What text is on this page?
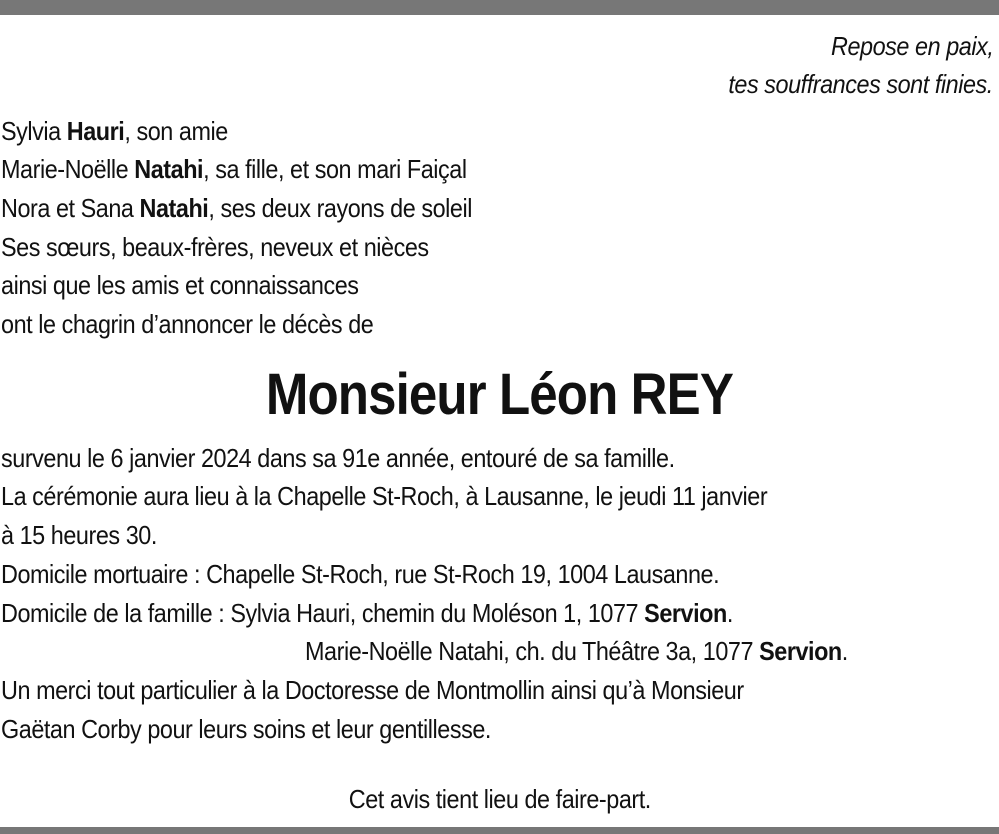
Repose en paix,
tes souffrances sont finies.
Sylvia Hauri, son amie
Marie-Noëlle Natahi, sa fille, et son mari Faiçal
Nora et Sana Natahi, ses deux rayons de soleil
Ses sœurs, beaux-frères, neveux et nièces
ainsi que les amis et connaissances
ont le chagrin d’annoncer le décès de
Monsieur Léon REY
survenu le 6 janvier 2024 dans sa 91e année, entouré de sa famille.
La cérémonie aura lieu à la Chapelle St-Roch, à Lausanne, le jeudi 11 janvier
à 15 heures 30.
Domicile mortuaire : Chapelle St-Roch, rue St-Roch 19, 1004 Lausanne.
Domicile de la famille : Sylvia Hauri, chemin du Moléson 1, 1077 Servion.
Marie-Noëlle Natahi, ch. du Théâtre 3a, 1077 Servion.
Un merci tout particulier à la Doctoresse de Montmollin ainsi qu’à Monsieur
Gaëtan Corby pour leurs soins et leur gentillesse.
Cet avis tient lieu de faire-part.
